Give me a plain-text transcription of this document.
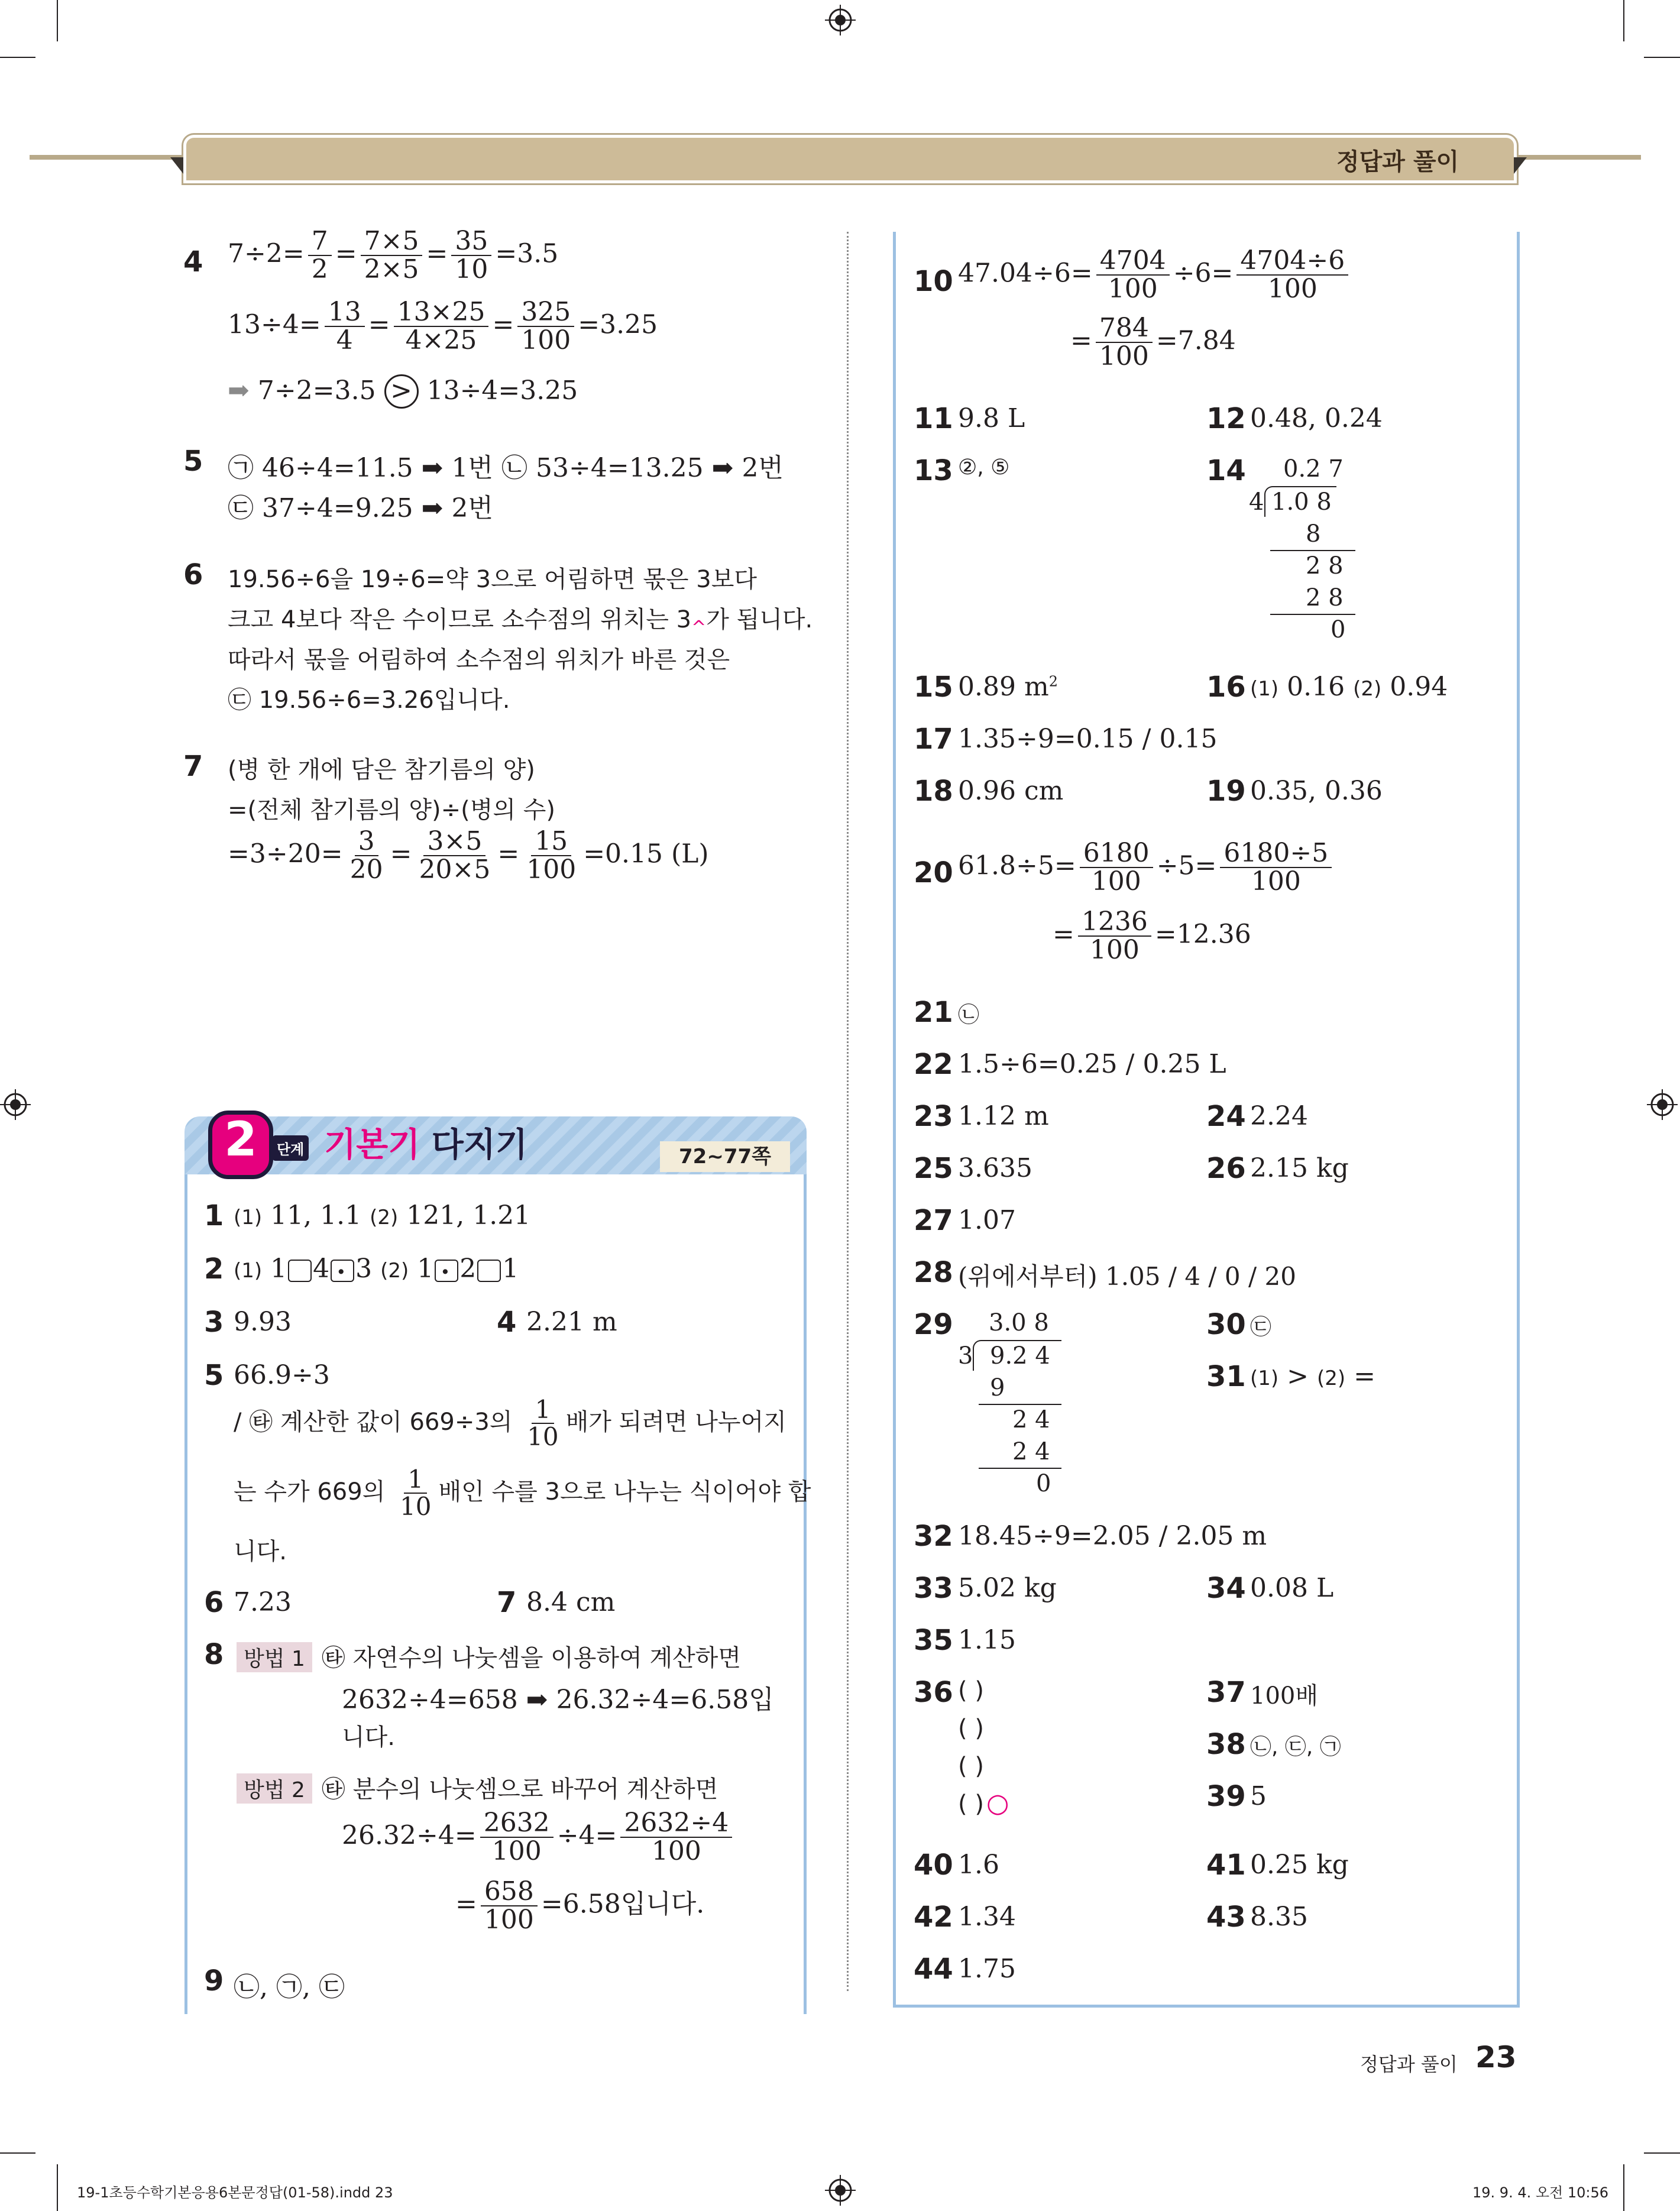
정답과 풀이
4 $7\div 2= \frac{7}{2} = \frac{7\times 5}{2\times 5} = \frac{35}{10} =3.5$
$13\div 4= \frac{13}{4} = \frac{13\times 25}{4\times 25} = \frac{325}{100} =3.25$
➡ 7÷2=3.5 > 13÷4=3.25
5 ㉠ 46÷4=11.5 ➡ 1번 ㉡ 53÷4=13.25 ➡ 2번
㉢ 37÷4=9.25 ➡ 2번
6 19.56÷6을 19÷6=약 3으로 어림하면 몫은 3보다
크고 4보다 작은 수이므로 소수점의 위치는 $3_{\^{}}$가 됩니다.
따라서 몫을 어림하여 소수점의 위치가 바른 것은
㉢ 19.56÷6=3.26입니다.
7 (병 한 개에 담은 참기름의 양)
=(전체 참기름의 양)÷(병의 수)
$=3\div 20= \frac{3}{20} = \frac{3\times 5}{20\times 5} = \frac{15}{100} =0.15$ (L)
2	단계 기본기 다지기	72~77쪽
1 (1) 11, 1.1 (2) 121, 1.21
2 (1) 1 4 . 3 (2) 1 . 2 1
3 9.93	4 2.21 m
5 66.9÷3
/ ㉹ 계산한 값이 669÷3의 $\frac{1}{10}$ 배가 되려면 나누어지
는 수가 669의 $\frac{1}{10}$ 배인 수를 3으로 나누는 식이어야 합
니다.
6 7.23	7 8.4 cm
8 방법 1 ㉹ 자연수의 나눗셈을 이용하여 계산하면
2632÷4=658 ➡ 26.32÷4=6.58입
니다.
방법 2 ㉹ 분수의 나눗셈으로 바꾸어 계산하면
$26.32\div 4= \frac{2632}{100} \div 4= \frac{2632\div 4}{100}$
= $\frac{658}{100} =6.58$입니다.
9 ㉡, ㉠, ㉢
10 $47.04\div 6= \frac{4704}{100} \div 6= \frac{4704\div 6}{100}$
= $\frac{784}{100} =7.84$
11 9.8 L	12 0.48, 0.24
13 ②, ⑤	14 0.2 7
4 1.0 8
8
2 8
2 8
0
15 0.89 $m^2$	16 (1) 0.16 (2) 0.94
17 1.35÷9=0.15 / 0.15
18 0.96 cm	19 0.35, 0.36
20 $61.8\div 5= \frac{6180}{100} \div 5= \frac{6180\div 5}{100}$
= $\frac{1236}{100} =12.36$
21 ㉡
22 1.5÷6=0.25 / 0.25 L
23 1.12 m	24 2.24
25 3.635	26 2.15 kg
27 1.07
28 (위에서부터) 1.05 / 4 / 0 / 20
29 3.0 8
3 9.2 4
9
2 4
2 4
0
30 ㉢
31 (1) > (2) =
32 18.45÷9=2.05 / 2.05 m
33 5.02 kg	34 0.08 L
35 1.15
36 ( )
( )
( )
( ) ○
37 100배
38 ㉡, ㉢, ㉠
39 5
40 1.6	41 0.25 kg
42 1.34	43 8.35
44 1.75
정답과 풀이 23
19-1초등수학기본응용6본문정답(01-58).indd 23	19. 9. 4. 오전 10:56
